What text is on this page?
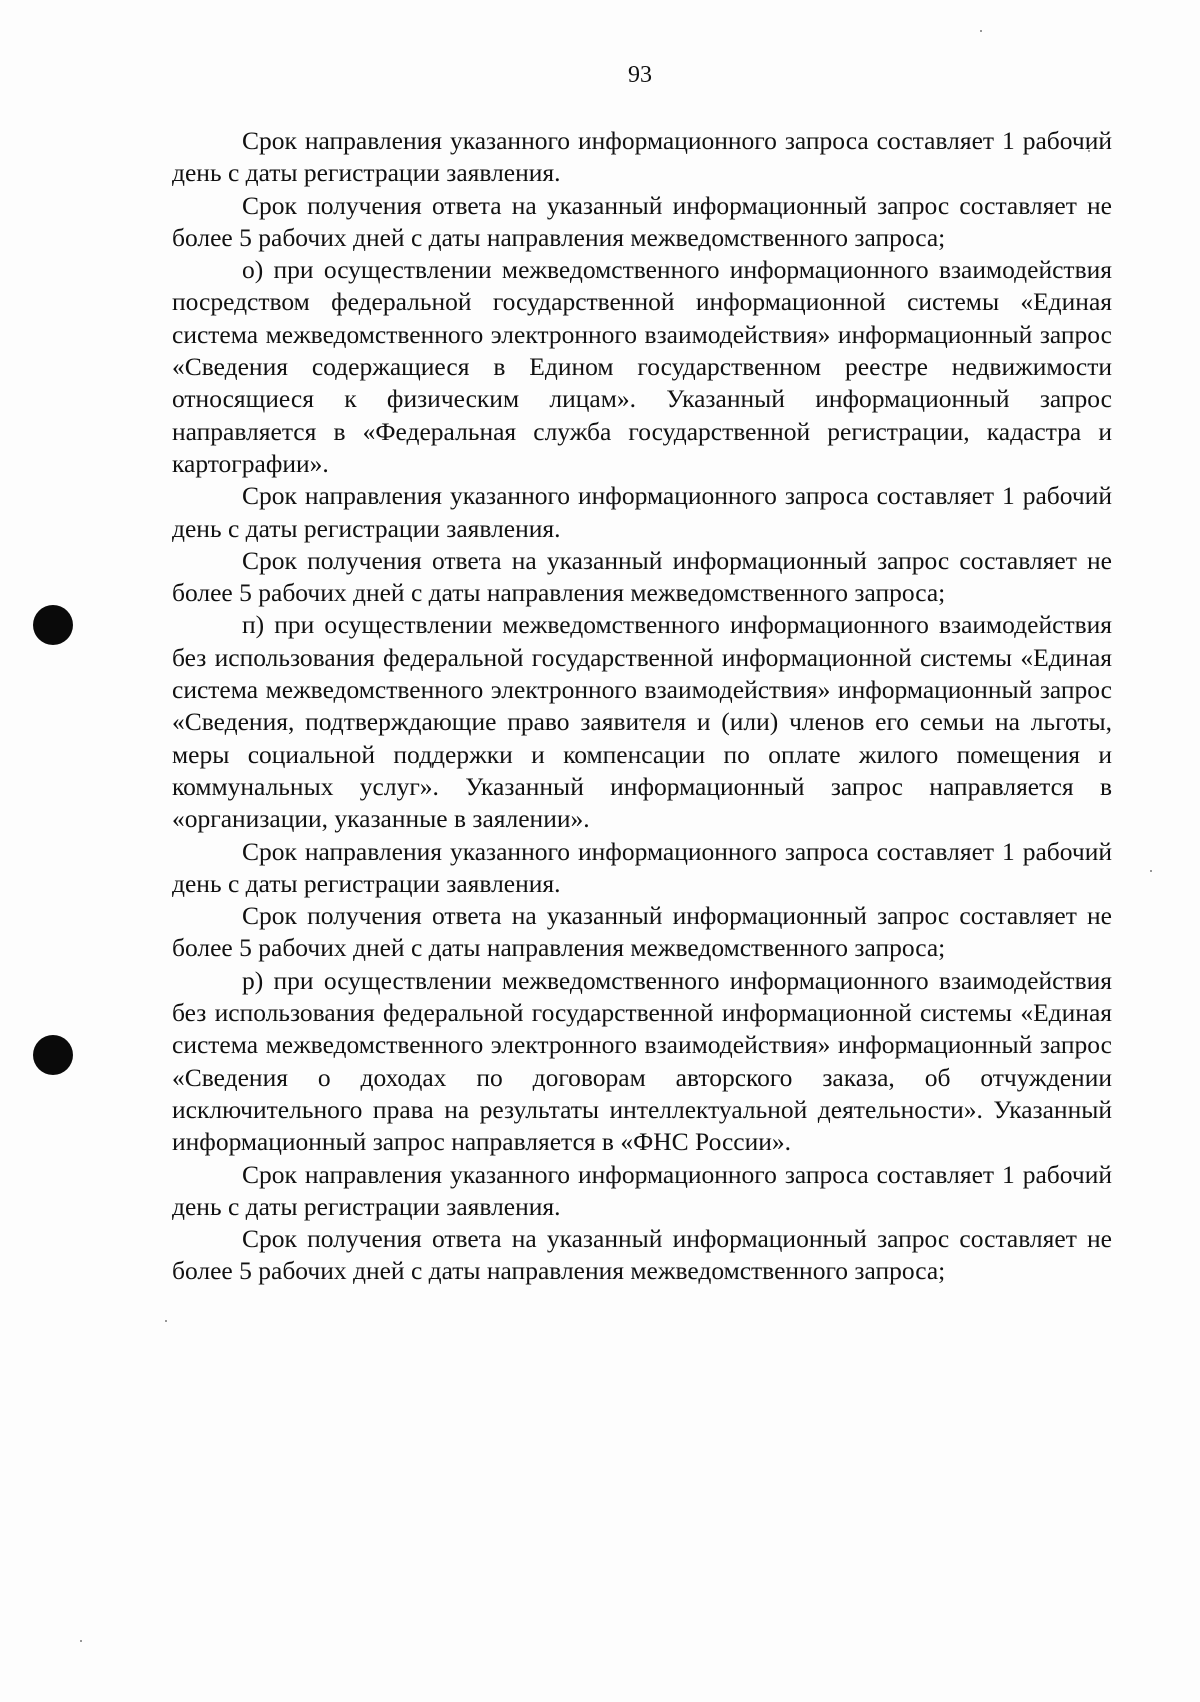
93

Срок направления указанного информационного запроса составляет 1 рабочий день с даты регистрации заявления.

Срок получения ответа на указанный информационный запрос составляет не более 5 рабочих дней с даты направления межведомственного запроса;

о) при осуществлении межведомственного информационного взаимодействия посредством федеральной государственной информационной системы «Единая система межведомственного электронного взаимодействия» информационный запрос «Сведения содержащиеся в Едином государственном реестре недвижимости относящиеся к физическим лицам». Указанный информационный запрос направляется в «Федеральная служба государственной регистрации, кадастра и картографии».

Срок направления указанного информационного запроса составляет 1 рабочий день с даты регистрации заявления.

Срок получения ответа на указанный информационный запрос составляет не более 5 рабочих дней с даты направления межведомственного запроса;

п) при осуществлении межведомственного информационного взаимодействия без использования федеральной государственной информационной системы «Единая система межведомственного электронного взаимодействия» информационный запрос «Сведения, подтверждающие право заявителя и (или) членов его семьи на льготы, меры социальной поддержки и компенсации по оплате жилого помещения и коммунальных услуг». Указанный информационный запрос направляется в «организации, указанные в заялении».

Срок направления указанного информационного запроса составляет 1 рабочий день с даты регистрации заявления.

Срок получения ответа на указанный информационный запрос составляет не более 5 рабочих дней с даты направления межведомственного запроса;

р) при осуществлении межведомственного информационного взаимодействия без использования федеральной государственной информационной системы «Единая система межведомственного электронного взаимодействия» информационный запрос «Сведения о доходах по договорам авторского заказа, об отчуждении исключительного права на результаты интеллектуальной деятельности». Указанный информационный запрос направляется в «ФНС России».

Срок направления указанного информационного запроса составляет 1 рабочий день с даты регистрации заявления.

Срок получения ответа на указанный информационный запрос составляет не более 5 рабочих дней с даты направления межведомственного запроса;
